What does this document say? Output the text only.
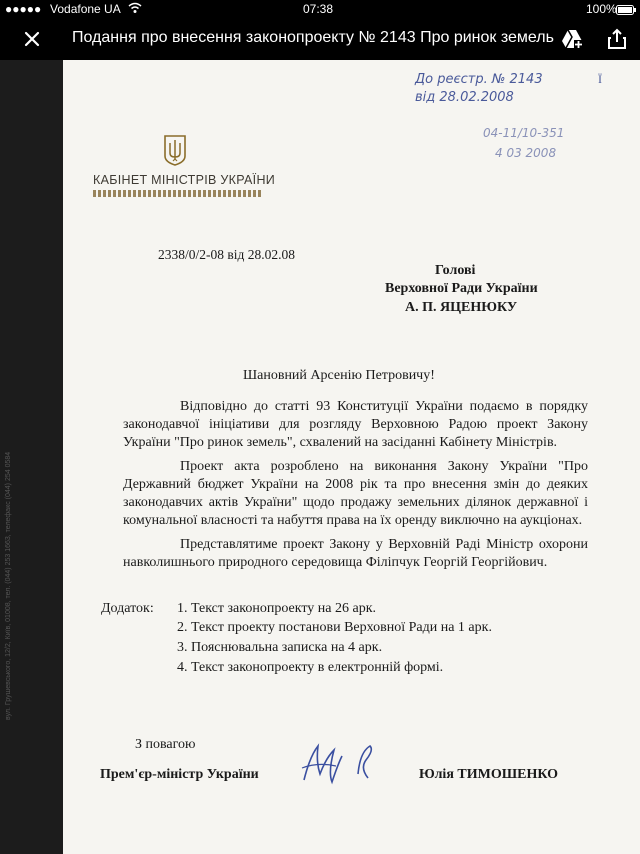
●●●●● Vodafone UA	07:38	100%
Подання про внесення законопроекту № 2143 Про ринок земель
До реєстр. № 2143
від 28.02.2008
Ї
04-11/10-351
4 03 2008
КАБІНЕТ МІНІСТРІВ УКРАЇНИ
2338/0/2-08 від 28.02.08
Голові
Верховної Ради України
А. П. ЯЦЕНЮКУ
Шановний Арсенію Петровичу!
Відповідно до статті 93 Конституції України подаємо в порядку законодавчої ініціативи для розгляду Верховною Радою проект Закону України "Про ринок земель", схвалений на засіданні Кабінету Міністрів.
Проект акта розроблено на виконання Закону України "Про Державний бюджет України на 2008 рік та про внесення змін до деяких законодавчих актів України" щодо продажу земельних ділянок державної і комунальної власності та набуття права на їх оренду виключно на аукціонах.
Представлятиме проект Закону у Верховній Раді Міністр охорони навколишнього природного середовища Філіпчук Георгій Георгійович.
Додаток: 1. Текст законопроекту на 26 арк.
2. Текст проекту постанови Верховної Ради на 1 арк.
3. Пояснювальна записка на 4 арк.
4. Текст законопроекту в електронній формі.
З повагою
Прем'єр-міністр України	Юлія ТИМОШЕНКО
вул. Грушевського, 12/2, Київ, 01008, тел. (044) 253 1663, телефакс (044) 254 0584
